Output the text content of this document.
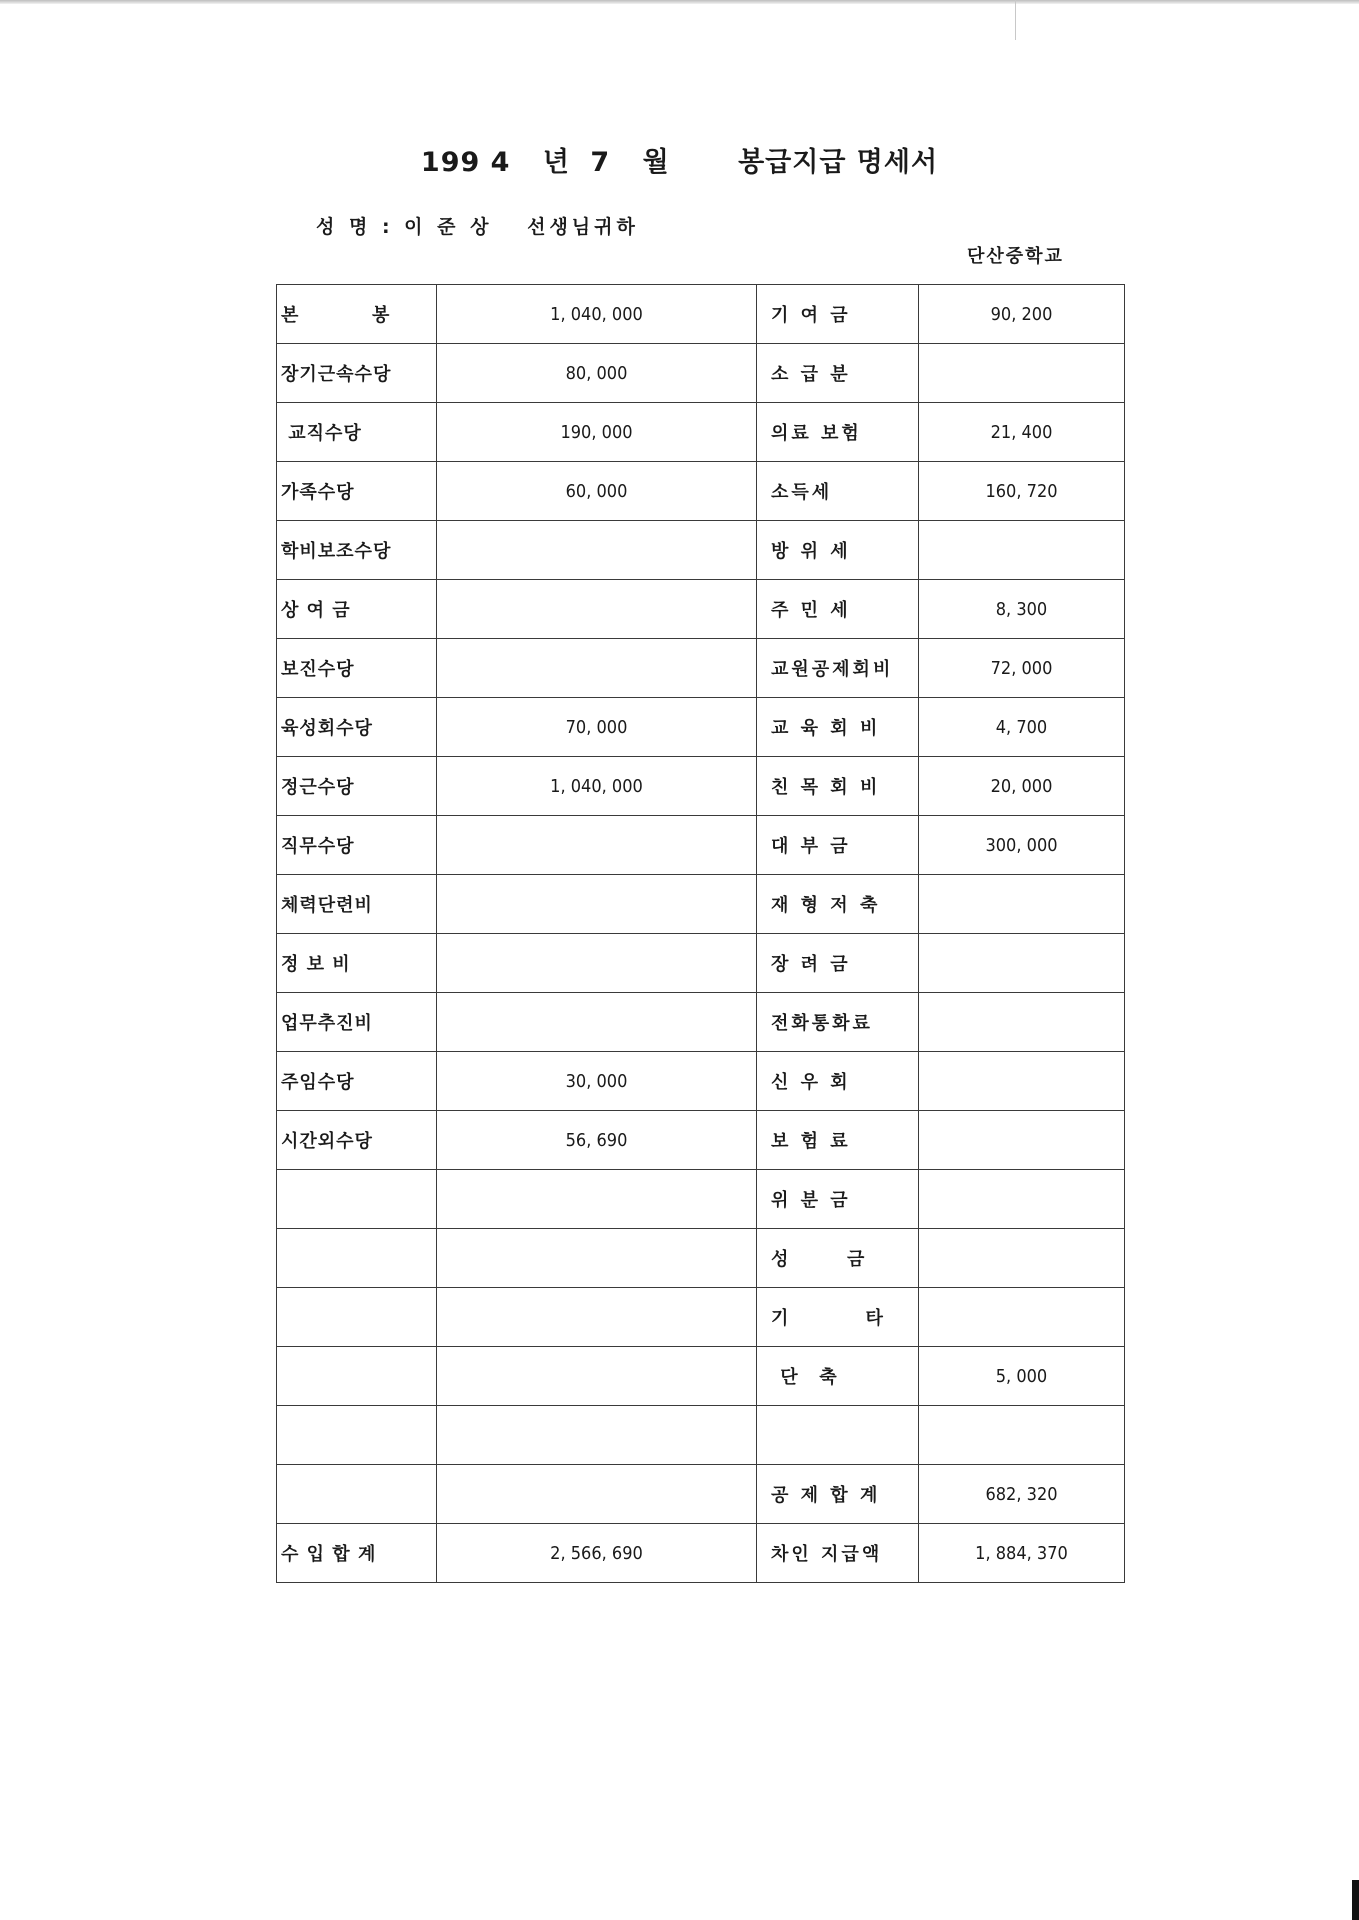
199 4 년 7 월	봉급지급 명세서
성 명 : 이 준 상 선생님귀하
단산중학교
본          봉	1, 040, 000	기 여 금	90, 200
장기근속수당	80, 000	소 급 분	
교직수당	190, 000	의료 보험	21, 400
가족수당	60, 000	소득세	160, 720
학비보조수당		방 위 세	
상 여 금		주 민 세	8, 300
보진수당		교원공제회비	72, 000
육성회수당	70, 000	교 육 회 비	4, 700
정근수당	1, 040, 000	친 목 회 비	20, 000
직무수당		대 부 금	300, 000
체력단련비		재 형 저 축	
정 보 비		장 려 금	
업무추진비		전화통화료	
주임수당	30, 000	신 우 회	
시간외수당	56, 690	보 험 료	
		위 분 금	
		성      금	
		기        타	
		단  축	5, 000

		공 제 합 계	682, 320
수 입 합 계	2, 566, 690	차인 지급액	1, 884, 370
